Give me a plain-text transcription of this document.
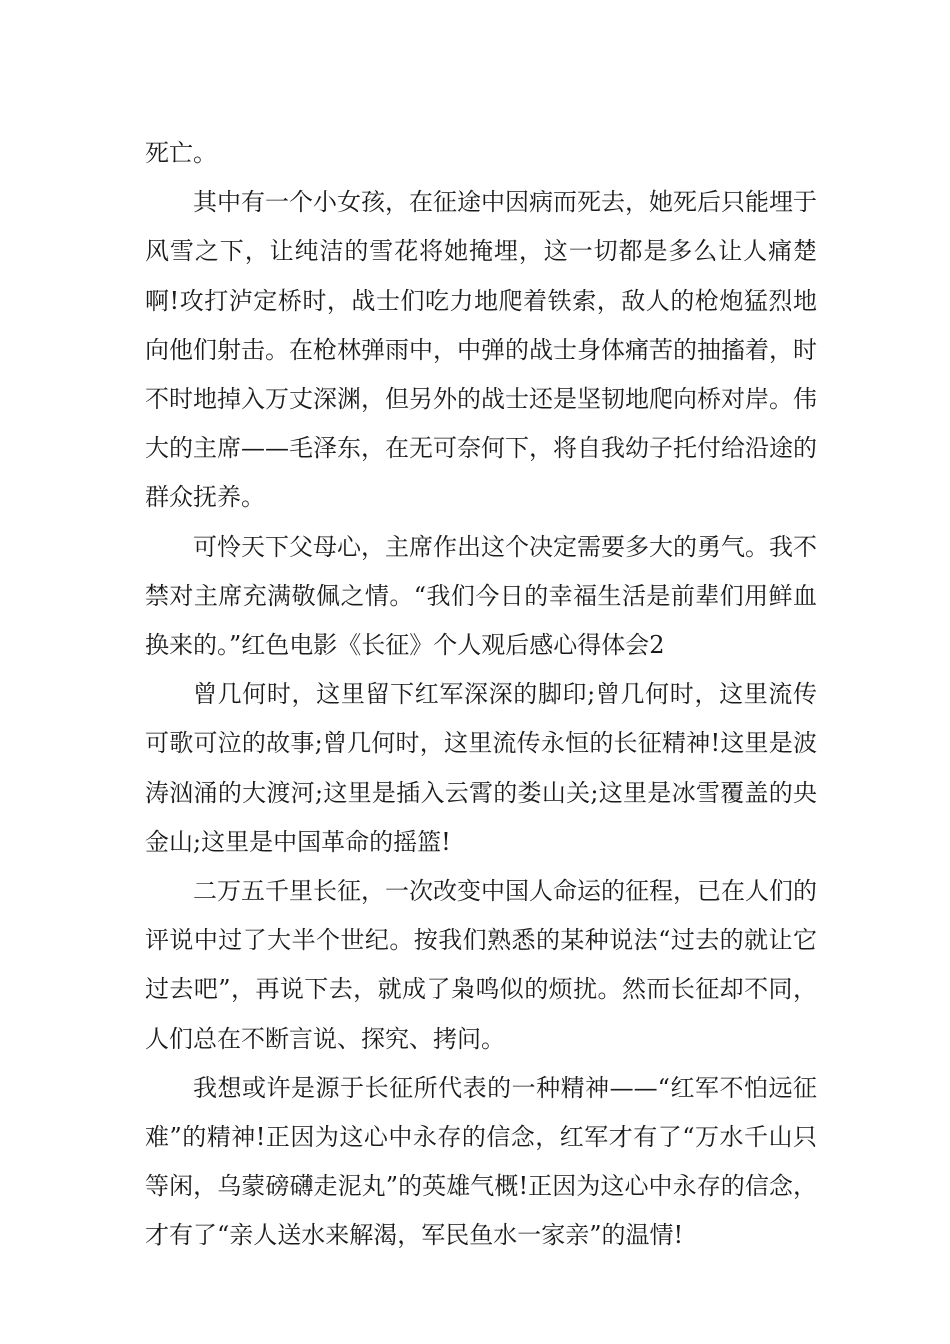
死亡。

其中有一个小女孩，在征途中因病而死去，她死后只能埋于风雪之下，让纯洁的雪花将她掩埋，这一切都是多么让人痛楚啊!攻打泸定桥时，战士们吃力地爬着铁索，敌人的枪炮猛烈地向他们射击。在枪林弹雨中，中弹的战士身体痛苦的抽搐着，时不时地掉入万丈深渊，但另外的战士还是坚韧地爬向桥对岸。伟大的主席——毛泽东，在无可奈何下，将自我幼子托付给沿途的群众抚养。

可怜天下父母心，主席作出这个决定需要多大的勇气。我不禁对主席充满敬佩之情。“我们今日的幸福生活是前辈们用鲜血换来的。”红色电影《长征》个人观后感心得体会2

曾几何时，这里留下红军深深的脚印;曾几何时，这里流传可歌可泣的故事;曾几何时，这里流传永恒的长征精神!这里是波涛汹涌的大渡河;这里是插入云霄的娄山关;这里是冰雪覆盖的央金山;这里是中国革命的摇篮!

二万五千里长征，一次改变中国人命运的征程，已在人们的评说中过了大半个世纪。按我们熟悉的某种说法“过去的就让它过去吧”，再说下去，就成了枭鸣似的烦扰。然而长征却不同，人们总在不断言说、探究、拷问。

我想或许是源于长征所代表的一种精神——“红军不怕远征难”的精神!正因为这心中永存的信念，红军才有了“万水千山只等闲，乌蒙磅礴走泥丸”的英雄气概!正因为这心中永存的信念，才有了“亲人送水来解渴，军民鱼水一家亲”的温情!
